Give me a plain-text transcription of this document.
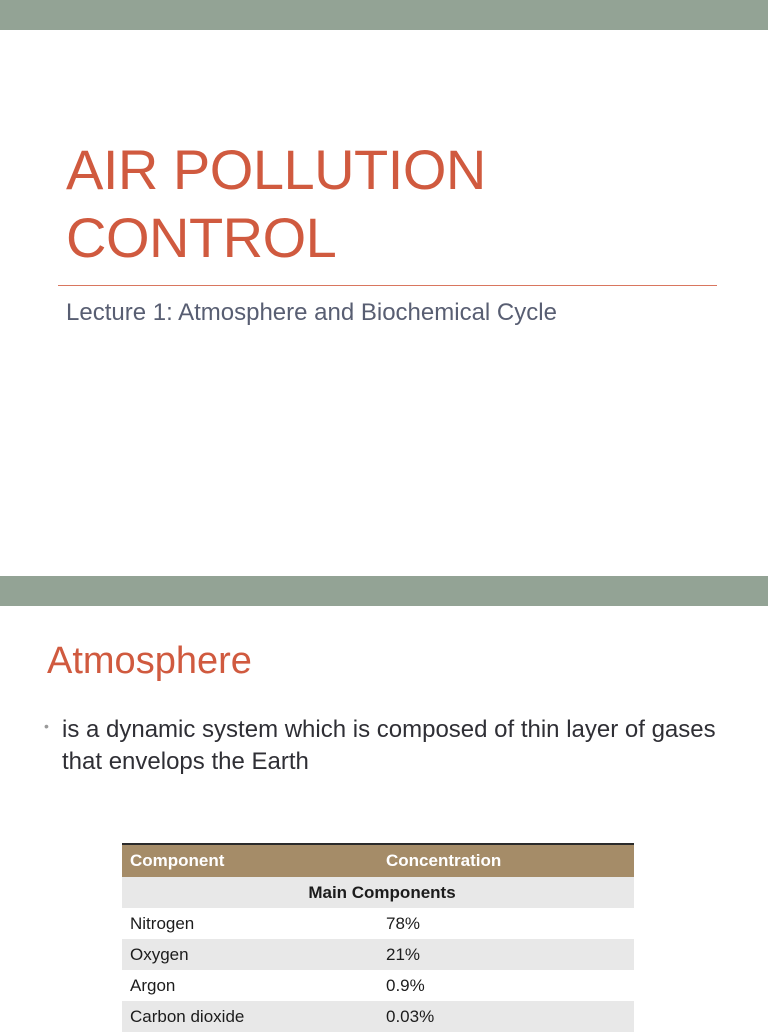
AIR POLLUTION
CONTROL
Lecture 1: Atmosphere and Biochemical Cycle
Atmosphere
• is a dynamic system which is composed of thin layer of gases that envelops the Earth
Component	Concentration
Main Components	
Nitrogen	78%
Oxygen	21%
Argon	0.9%
Carbon dioxide	0.03%
